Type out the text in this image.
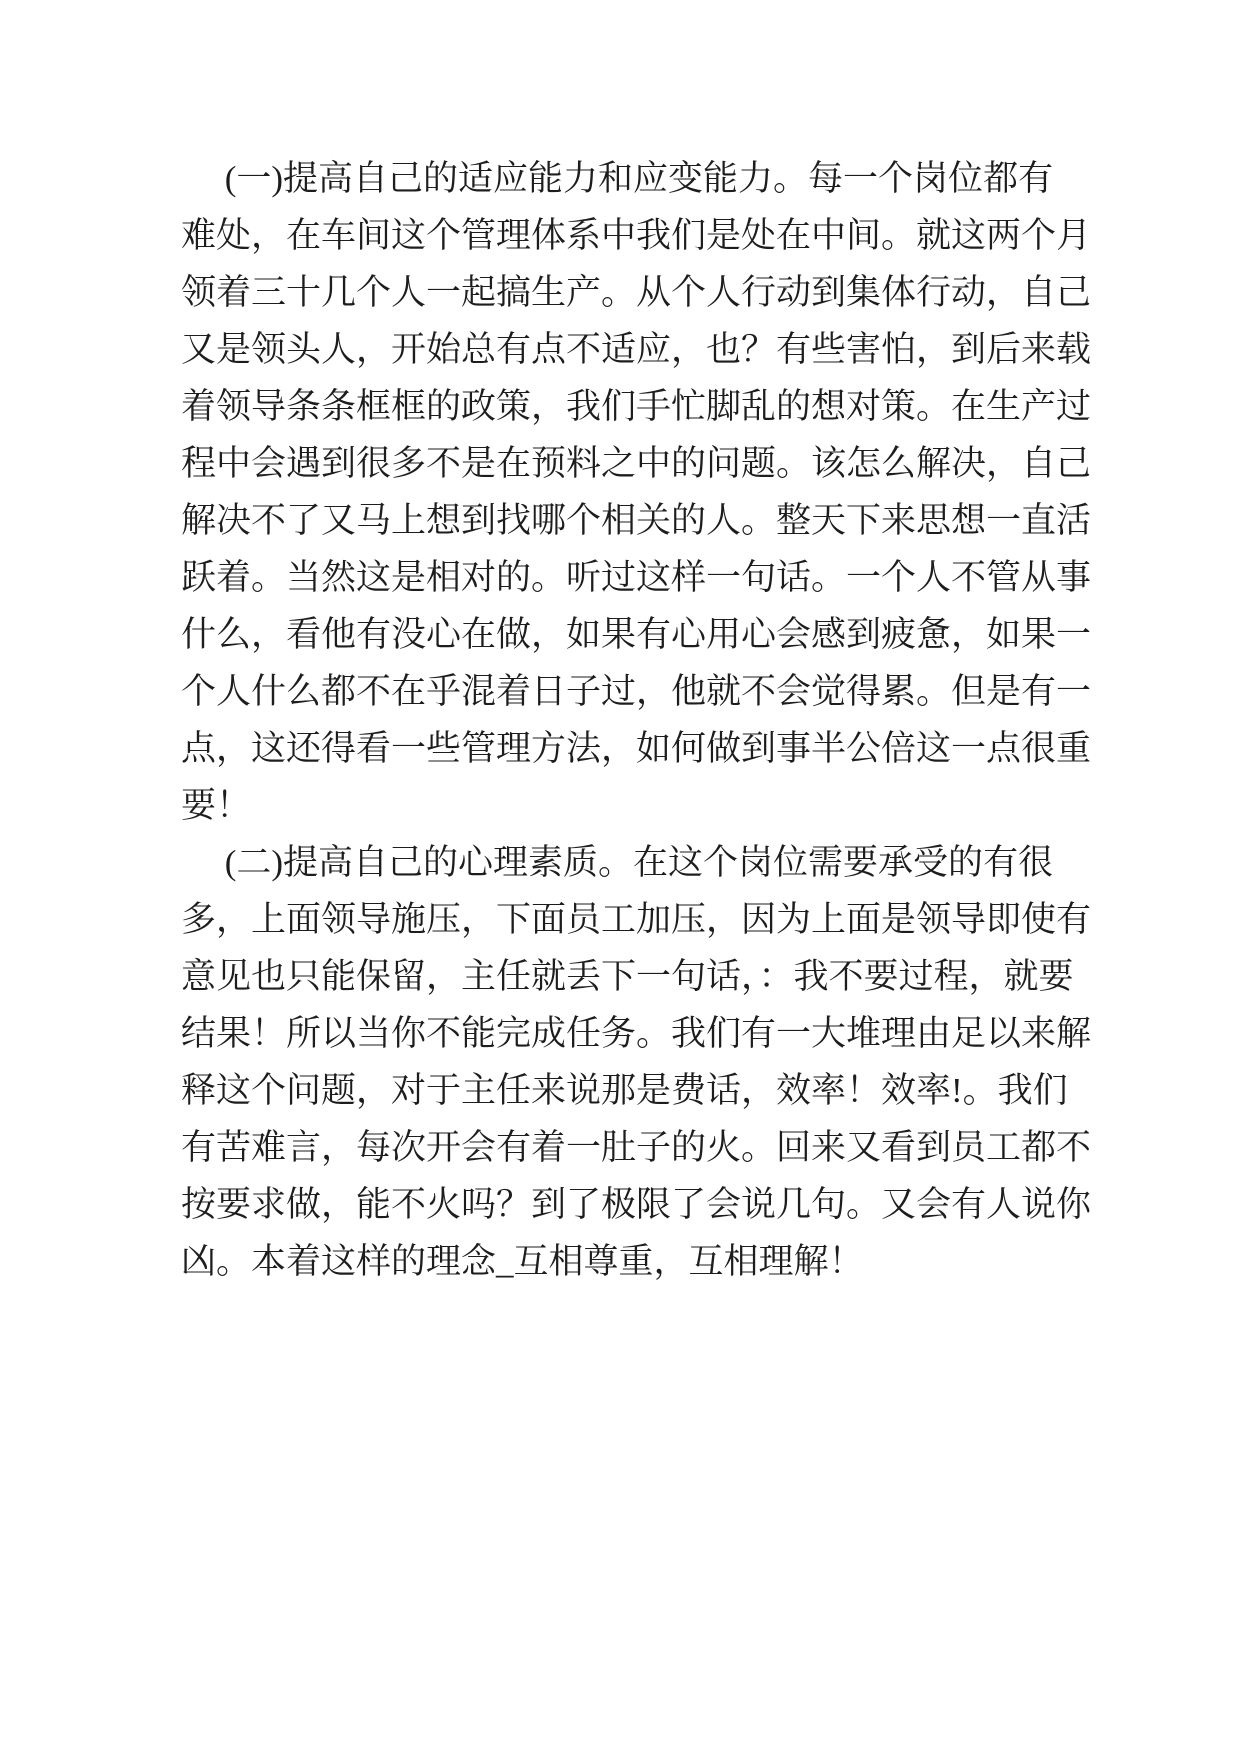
(一)提高自己的适应能力和应变能力。每一个岗位都有
难处，在车间这个管理体系中我们是处在中间。就这两个月
领着三十几个人一起搞生产。从个人行动到集体行动，自己
又是领头人，开始总有点不适应，也？有些害怕，到后来载
着领导条条框框的政策，我们手忙脚乱的想对策。在生产过
程中会遇到很多不是在预料之中的问题。该怎么解决，自己
解决不了又马上想到找哪个相关的人。整天下来思想一直活
跃着。当然这是相对的。听过这样一句话。一个人不管从事
什么，看他有没心在做，如果有心用心会感到疲惫，如果一
个人什么都不在乎混着日子过，他就不会觉得累。但是有一
点，这还得看一些管理方法，如何做到事半公倍这一点很重
要！
(二)提高自己的心理素质。在这个岗位需要承受的有很
多，上面领导施压，下面员工加压，因为上面是领导即使有
意见也只能保留，主任就丢下一句话，：我不要过程，就要
结果！所以当你不能完成任务。我们有一大堆理由足以来解
释这个问题，对于主任来说那是费话，效率！效率!。我们
有苦难言，每次开会有着一肚子的火。回来又看到员工都不
按要求做，能不火吗？到了极限了会说几句。又会有人说你
凶。本着这样的理念_互相尊重，互相理解！
